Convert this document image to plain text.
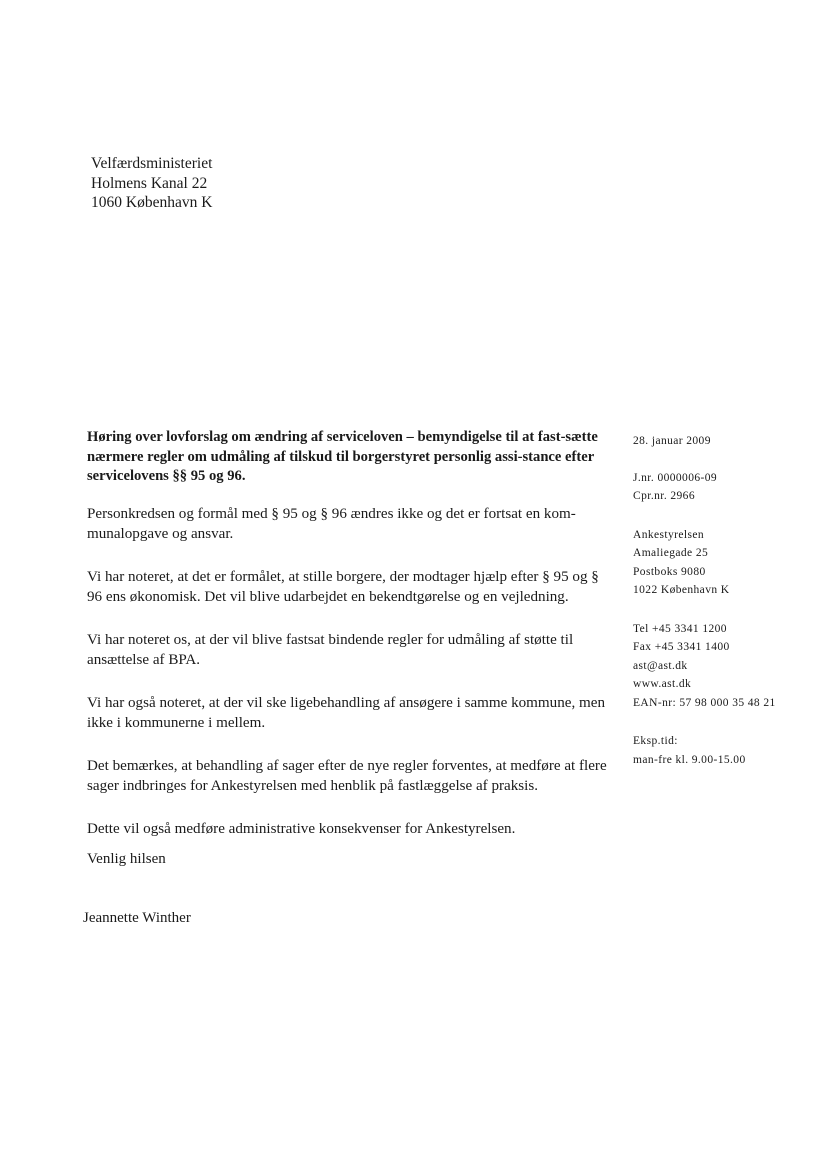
Velfærdsministeriet
Holmens Kanal 22
1060 København K

Høring over lovforslag om ændring af serviceloven – bemyndigelse til at fast-sætte nærmere regler om udmåling af tilskud til borgerstyret personlig assi-stance efter servicelovens §§ 95 og 96.

Personkredsen og formål med § 95 og § 96 ændres ikke og det er fortsat en kom-munalopgave og ansvar.

Vi har noteret, at det er formålet, at stille borgere, der modtager hjælp efter § 95 og § 96 ens økonomisk. Det vil blive udarbejdet en bekendtgørelse og en vejledning.

Vi har noteret os, at der vil blive fastsat bindende regler for udmåling af støtte til ansættelse af BPA.

Vi har også noteret, at der vil ske ligebehandling af ansøgere i samme kommune, men ikke i kommunerne i mellem.

Det bemærkes, at behandling af sager efter de nye regler forventes, at medføre at flere sager indbringes for Ankestyrelsen med henblik på fastlæggelse af praksis.

Dette vil også medføre administrative konsekvenser for Ankestyrelsen.

Venlig hilsen

Jeannette Winther

28. januar 2009
J.nr. 0000006-09
Cpr.nr. 2966
Ankestyrelsen
Amaliegade 25
Postboks 9080
1022 København K
Tel +45 3341 1200
Fax +45 3341 1400
ast@ast.dk
www.ast.dk
EAN-nr: 57 98 000 35 48 21
Eksp.tid:
man-fre kl. 9.00-15.00
